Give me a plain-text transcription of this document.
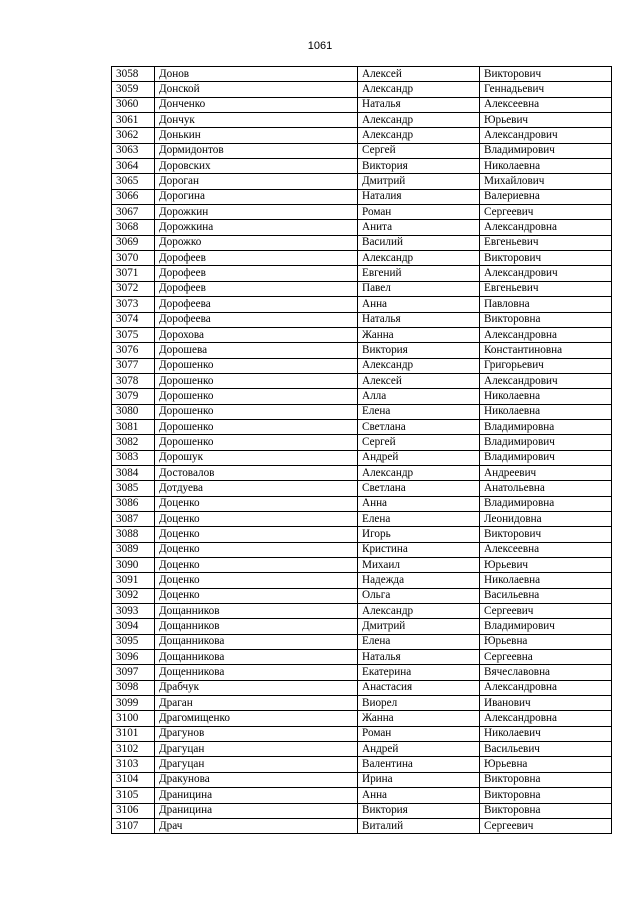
1061
3058	Донов	Алексей	Викторович
3059	Донской	Александр	Геннадьевич
3060	Донченко	Наталья	Алексеевна
3061	Дончук	Александр	Юрьевич
3062	Донькин	Александр	Александрович
3063	Дормидонтов	Сергей	Владимирович
3064	Доровских	Виктория	Николаевна
3065	Дороган	Дмитрий	Михайлович
3066	Дорогина	Наталия	Валериевна
3067	Дорожкин	Роман	Сергеевич
3068	Дорожкина	Анита	Александровна
3069	Дорожко	Василий	Евгеньевич
3070	Дорофеев	Александр	Викторович
3071	Дорофеев	Евгений	Александрович
3072	Дорофеев	Павел	Евгеньевич
3073	Дорофеева	Анна	Павловна
3074	Дорофеева	Наталья	Викторовна
3075	Дорохова	Жанна	Александровна
3076	Дорошева	Виктория	Константиновна
3077	Дорошенко	Александр	Григорьевич
3078	Дорошенко	Алексей	Александрович
3079	Дорошенко	Алла	Николаевна
3080	Дорошенко	Елена	Николаевна
3081	Дорошенко	Светлана	Владимировна
3082	Дорошенко	Сергей	Владимирович
3083	Дорошук	Андрей	Владимирович
3084	Достовалов	Александр	Андреевич
3085	Дотдуева	Светлана	Анатольевна
3086	Доценко	Анна	Владимировна
3087	Доценко	Елена	Леонидовна
3088	Доценко	Игорь	Викторович
3089	Доценко	Кристина	Алексеевна
3090	Доценко	Михаил	Юрьевич
3091	Доценко	Надежда	Николаевна
3092	Доценко	Ольга	Васильевна
3093	Дощанников	Александр	Сергеевич
3094	Дощанников	Дмитрий	Владимирович
3095	Дощанникова	Елена	Юрьевна
3096	Дощанникова	Наталья	Сергеевна
3097	Дощенникова	Екатерина	Вячеславовна
3098	Драбчук	Анастасия	Александровна
3099	Драган	Виорел	Иванович
3100	Драгомищенко	Жанна	Александровна
3101	Драгунов	Роман	Николаевич
3102	Драгуцан	Андрей	Васильевич
3103	Драгуцан	Валентина	Юрьевна
3104	Дракунова	Ирина	Викторовна
3105	Драницина	Анна	Викторовна
3106	Драницина	Виктория	Викторовна
3107	Драч	Виталий	Сергеевич
